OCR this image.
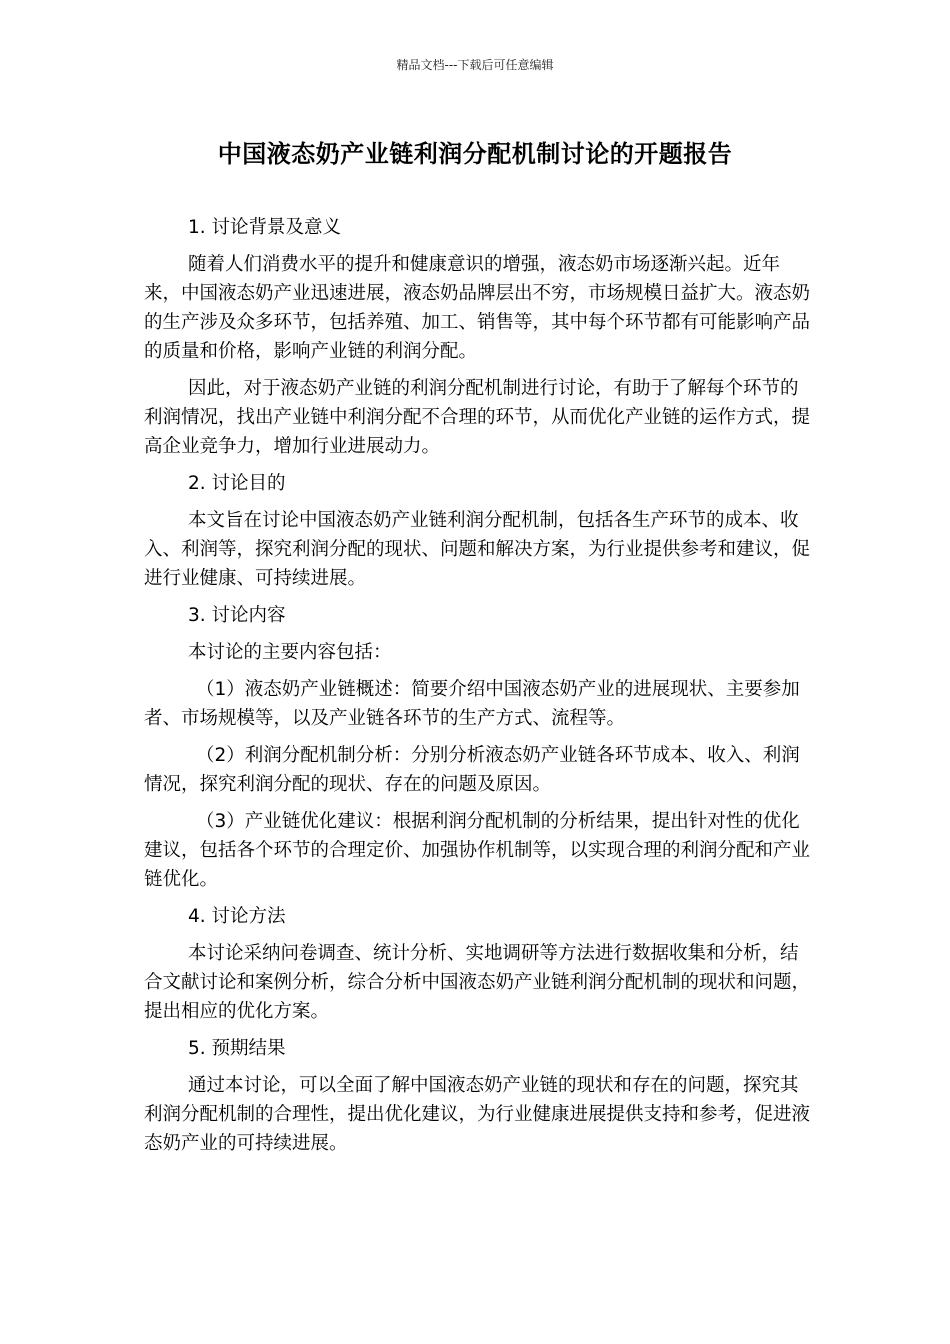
精品文档---下载后可任意编辑
中国液态奶产业链利润分配机制讨论的开题报告

1. 讨论背景及意义

随着人们消费水平的提升和健康意识的增强，液态奶市场逐渐兴起。近年来，中国液态奶产业迅速进展，液态奶品牌层出不穷，市场规模日益扩大。液态奶的生产涉及众多环节，包括养殖、加工、销售等，其中每个环节都有可能影响产品的质量和价格，影响产业链的利润分配。

因此，对于液态奶产业链的利润分配机制进行讨论，有助于了解每个环节的利润情况，找出产业链中利润分配不合理的环节，从而优化产业链的运作方式，提高企业竞争力，增加行业进展动力。

2. 讨论目的

本文旨在讨论中国液态奶产业链利润分配机制，包括各生产环节的成本、收入、利润等，探究利润分配的现状、问题和解决方案，为行业提供参考和建议，促进行业健康、可持续进展。

3. 讨论内容

本讨论的主要内容包括：

（1）液态奶产业链概述：简要介绍中国液态奶产业的进展现状、主要参加者、市场规模等，以及产业链各环节的生产方式、流程等。

（2）利润分配机制分析：分别分析液态奶产业链各环节成本、收入、利润情况，探究利润分配的现状、存在的问题及原因。

（3）产业链优化建议：根据利润分配机制的分析结果，提出针对性的优化建议，包括各个环节的合理定价、加强协作机制等，以实现合理的利润分配和产业链优化。

4. 讨论方法

本讨论采纳问卷调查、统计分析、实地调研等方法进行数据收集和分析，结合文献讨论和案例分析，综合分析中国液态奶产业链利润分配机制的现状和问题，提出相应的优化方案。

5. 预期结果

通过本讨论，可以全面了解中国液态奶产业链的现状和存在的问题，探究其利润分配机制的合理性，提出优化建议，为行业健康进展提供支持和参考，促进液态奶产业的可持续进展。
